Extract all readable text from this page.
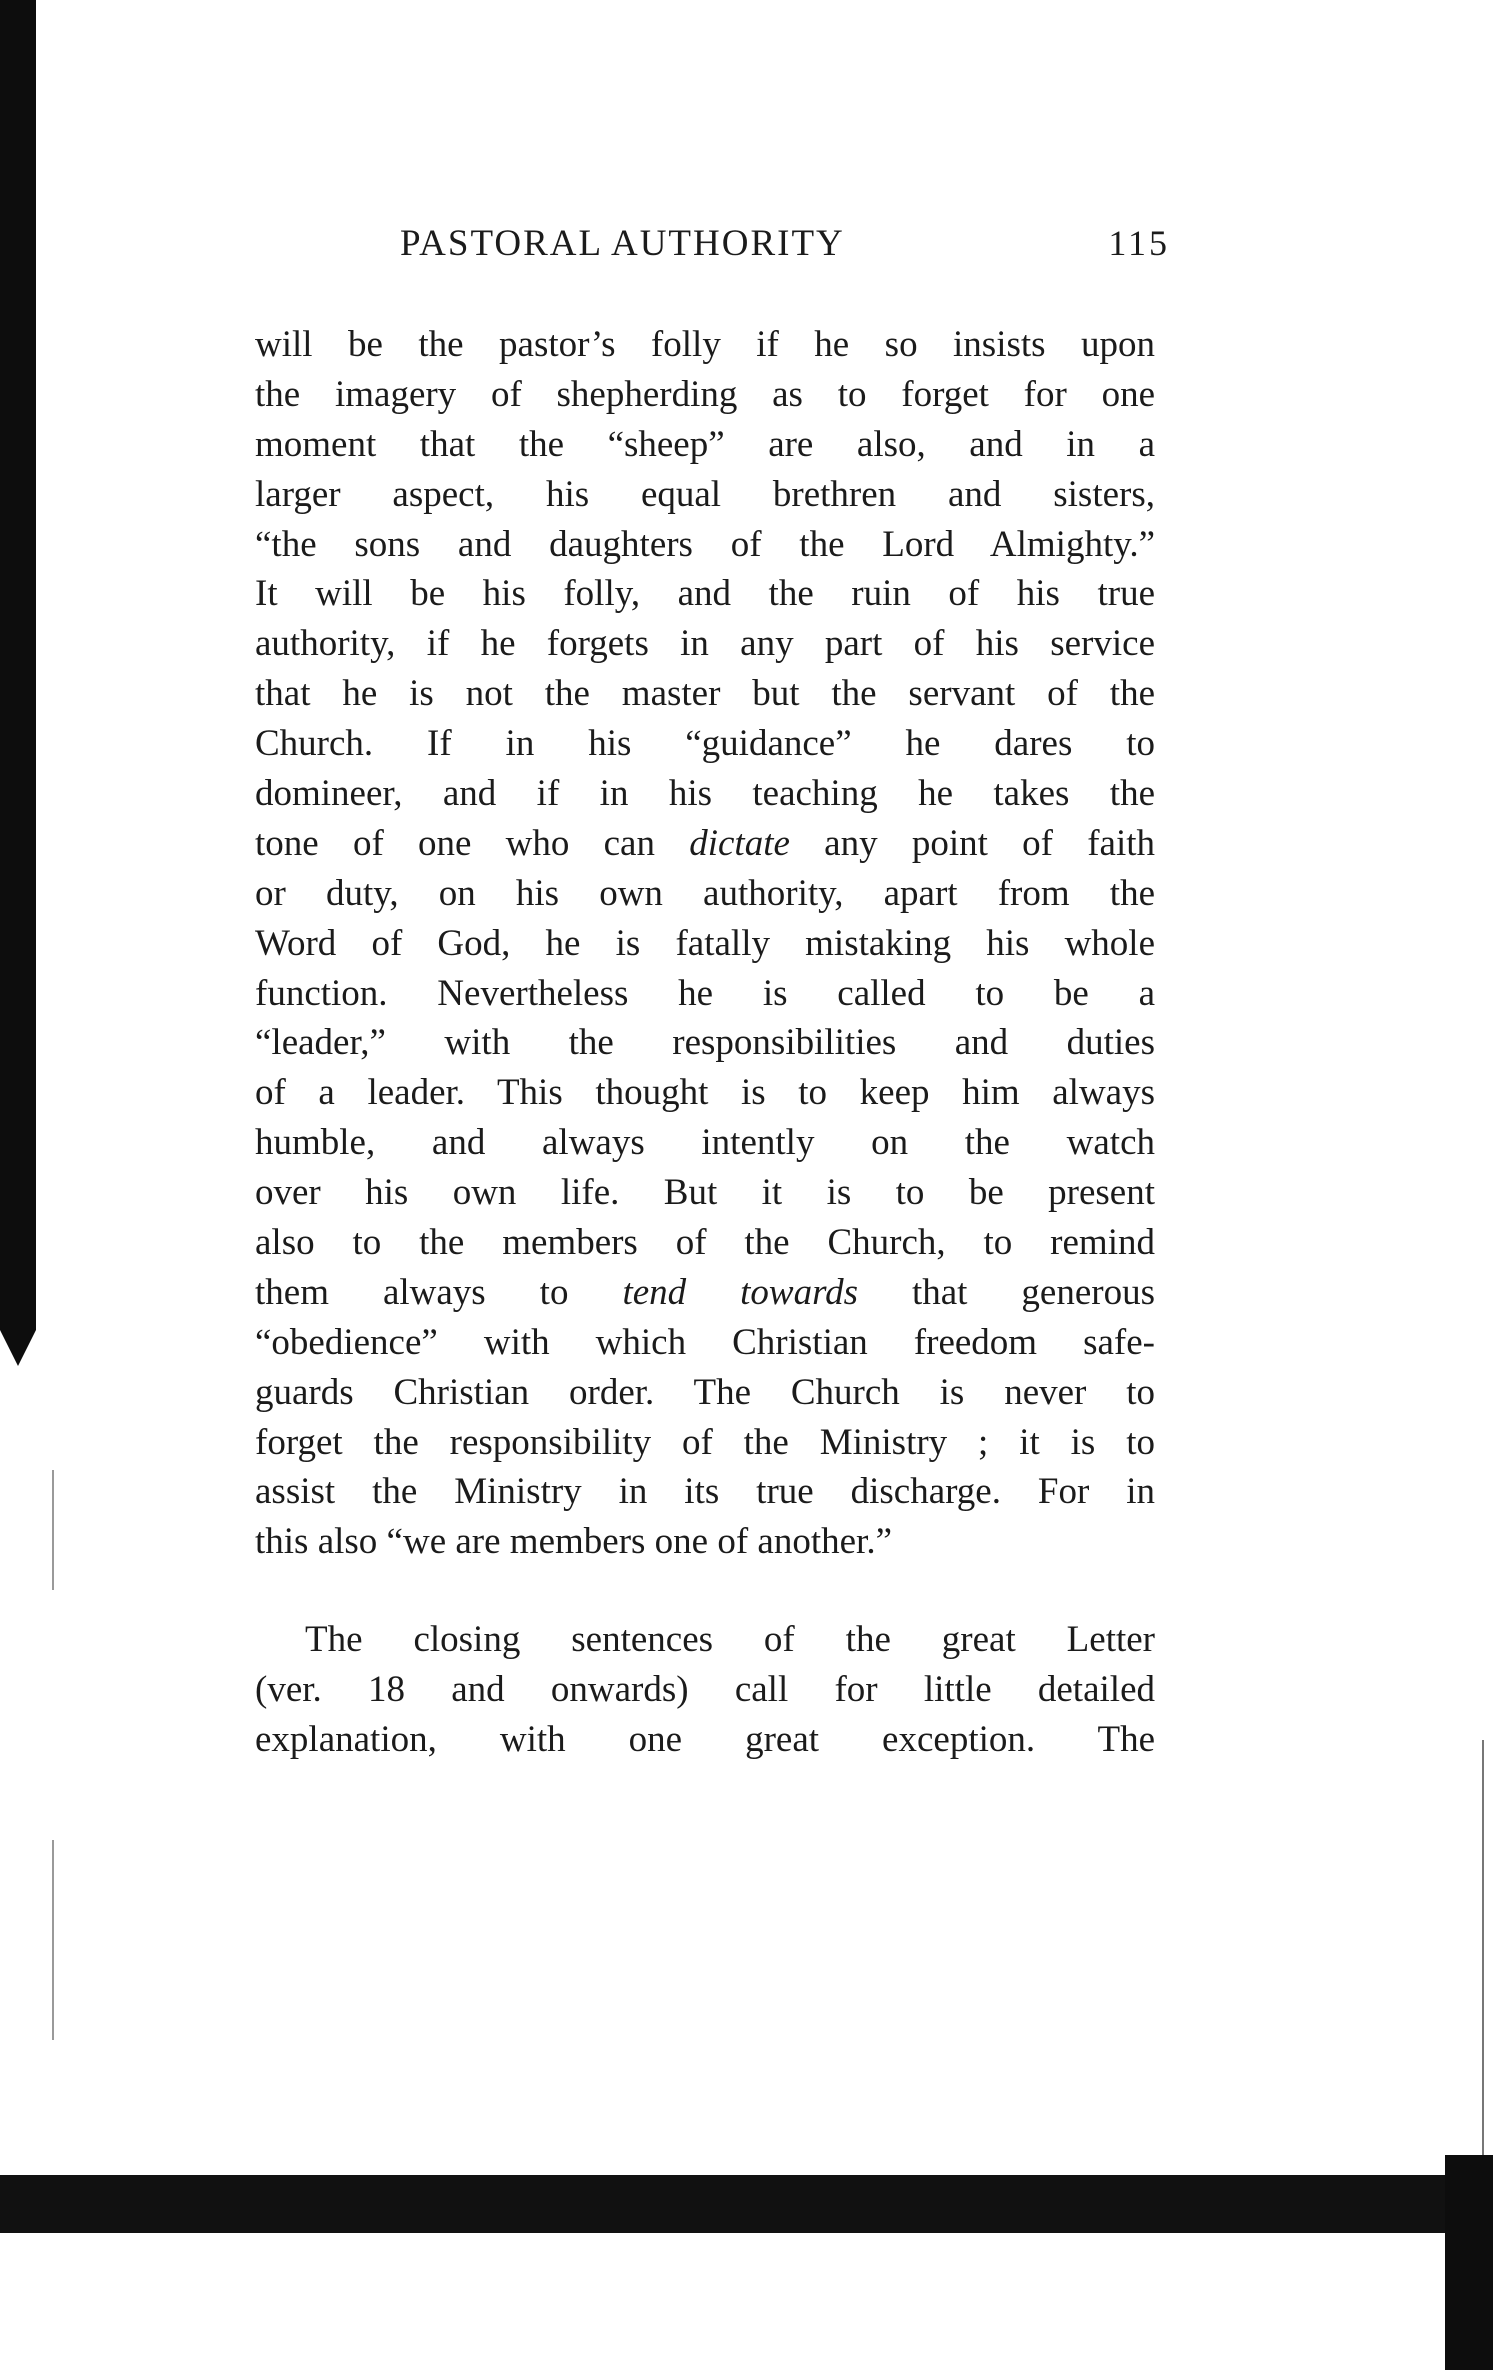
PASTORAL AUTHORITY	115

will be the pastor’s folly if he so insists upon
the imagery of shepherding as to forget for one
moment that the “sheep” are also, and in a
larger aspect, his equal brethren and sisters,
“the sons and daughters of the Lord Almighty.”
It will be his folly, and the ruin of his true
authority, if he forgets in any part of his service
that he is not the master but the servant of the
Church. If in his “guidance” he dares to
domineer, and if in his teaching he takes the
tone of one who can dictate any point of faith
or duty, on his own authority, apart from the
Word of God, he is fatally mistaking his whole
function. Nevertheless he is called to be a
“leader,” with the responsibilities and duties
of a leader. This thought is to keep him always
humble, and always intently on the watch
over his own life. But it is to be present
also to the members of the Church, to remind
them always to tend towards that generous
“obedience” with which Christian freedom safe-
guards Christian order. The Church is never to
forget the responsibility of the Ministry ; it is to
assist the Ministry in its true discharge. For in
this also “we are members one of another.”

The closing sentences of the great Letter
(ver. 18 and onwards) call for little detailed
explanation, with one great exception. The
